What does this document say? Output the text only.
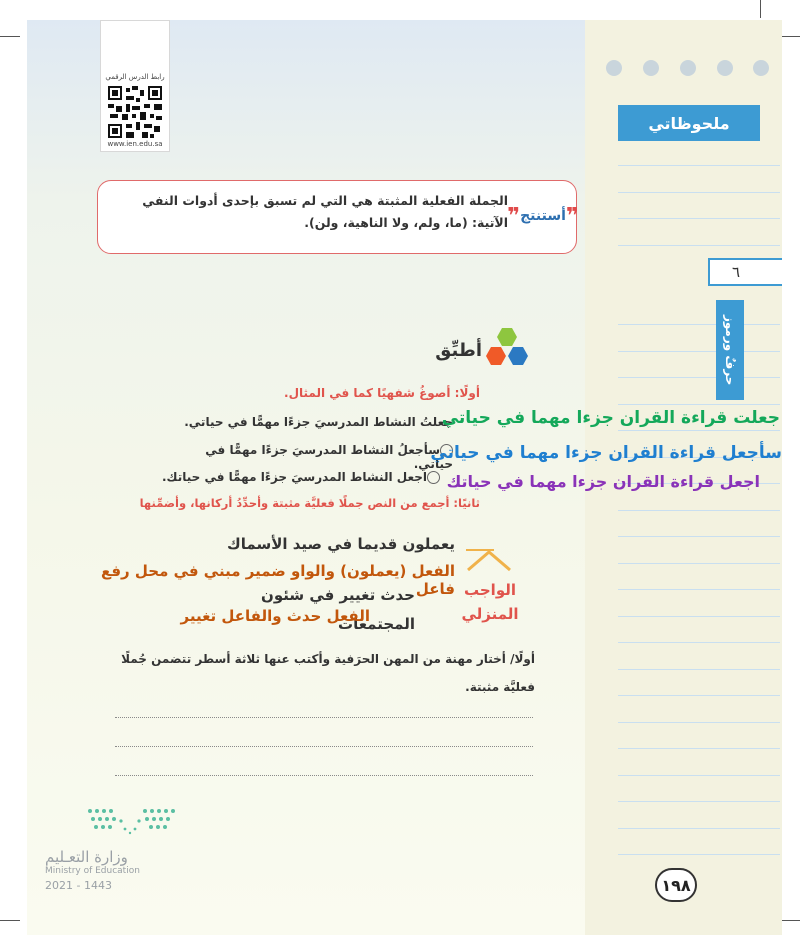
ملحوظاتي
٦
حرفٌ ورموز
رابط الدرس الرقمي
www.ien.edu.sa
❞ أستنتج ❞
الجملة الفعلية المثبتة هي التي لم تسبق بإحدى أدوات النفي الآتية: (ما، ولم، ولا الناهية، ولن).
أطبِّق
أولًا: أصوغُ شفهيًا كما في المثال.
جعلتُ النشاط المدرسيَ جزءًا مهمًّا في حياتي.
سأجعلُ النشاط المدرسيَ جزءًا مهمًّا في حياتي.
اجعل النشاط المدرسيَ جزءًا مهمًّا في حياتك.
جعلت قراءة القران جزءا مهما في حياتي
سأجعل قراءة القران جزءا مهما في حياتي
اجعل قراءة القران جزءا مهما في حياتك
ثانيًا: أجمع من النص جملًا فعليَّة مثبتة وأحدِّدُ أركانها، وأضمِّنها
يعملون قديما في صيد الأسماك
الفعل (يعملون) والواو ضمير مبني في محل رفع فاعل
حدث تغيير في شئون
المجتمعات
الفعل حدث والفاعل تغيير
الواجب
المنزلي
أولًا/ أختار مهنة من المهن الحرَفية وأكتب عنها ثلاثة أسطر تتضمن جُملًا
فعليَّة مثبتة.
وزارة التعـليم
Ministry of Education
2021 - 1443	١٩٨
